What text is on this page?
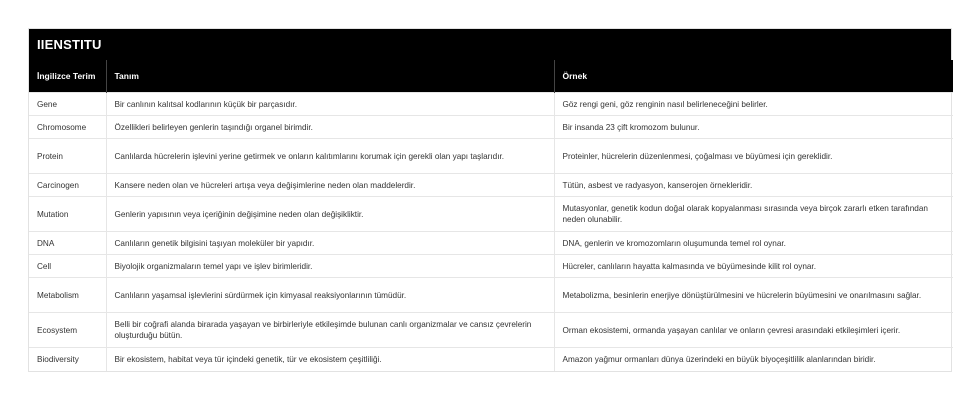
IIENSTITU
İngilizce Terim	Tanım	Örnek
Gene	Bir canlının kalıtsal kodlarının küçük bir parçasıdır.	Göz rengi geni, göz renginin nasıl belirleneceğini belirler.
Chromosome	Özellikleri belirleyen genlerin taşındığı organel birimdir.	Bir insanda 23 çift kromozom bulunur.
Protein	Canlılarda hücrelerin işlevini yerine getirmek ve onların kalıtımlarını korumak için gerekli olan yapı taşlarıdır.	Proteinler, hücrelerin düzenlenmesi, çoğalması ve büyümesi için gereklidir.
Carcinogen	Kansere neden olan ve hücreleri artışa veya değişimlerine neden olan maddelerdir.	Tütün, asbest ve radyasyon, kanserojen örnekleridir.
Mutation	Genlerin yapısının veya içeriğinin değişimine neden olan değişikliktir.	Mutasyonlar, genetik kodun doğal olarak kopyalanması sırasında veya birçok zararlı etken tarafından neden olunabilir.
DNA	Canlıların genetik bilgisini taşıyan moleküler bir yapıdır.	DNA, genlerin ve kromozomların oluşumunda temel rol oynar.
Cell	Biyolojik organizmaların temel yapı ve işlev birimleridir.	Hücreler, canlıların hayatta kalmasında ve büyümesinde kilit rol oynar.
Metabolism	Canlıların yaşamsal işlevlerini sürdürmek için kimyasal reaksiyonlarının tümüdür.	Metabolizma, besinlerin enerjiye dönüştürülmesini ve hücrelerin büyümesini ve onarılmasını sağlar.
Ecosystem	Belli bir coğrafi alanda birarada yaşayan ve birbirleriyle etkileşimde bulunan canlı organizmalar ve cansız çevrelerin oluşturduğu bütün.	Orman ekosistemi, ormanda yaşayan canlılar ve onların çevresi arasındaki etkileşimleri içerir.
Biodiversity	Bir ekosistem, habitat veya tür içindeki genetik, tür ve ekosistem çeşitliliği.	Amazon yağmur ormanları dünya üzerindeki en büyük biyoçeşitlilik alanlarından biridir.
